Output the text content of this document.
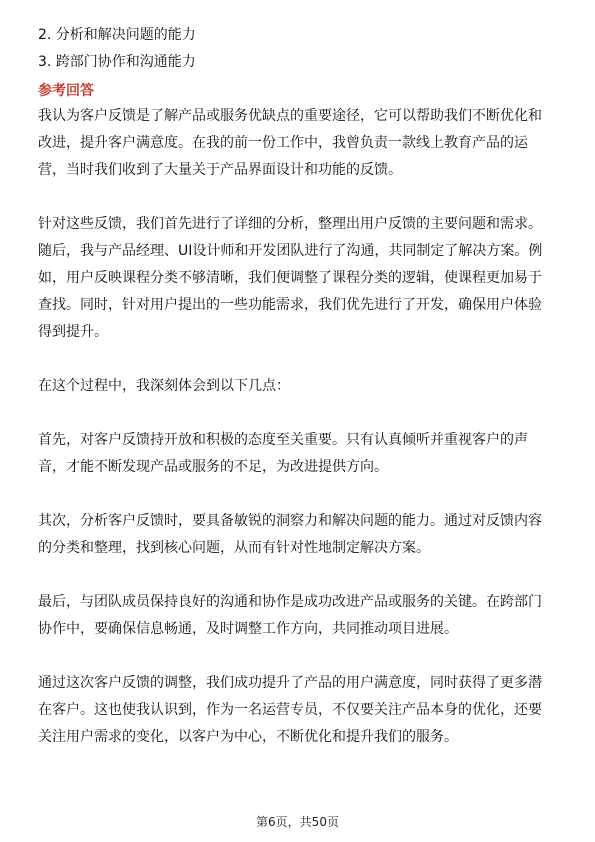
2. 分析和解决问题的能力
3. 跨部门协作和沟通能力
参考回答
我认为客户反馈是了解产品或服务优缺点的重要途径，它可以帮助我们不断优化和
改进，提升客户满意度。在我的前一份工作中，我曾负责一款线上教育产品的运
营，当时我们收到了大量关于产品界面设计和功能的反馈。
针对这些反馈，我们首先进行了详细的分析，整理出用户反馈的主要问题和需求。
随后，我与产品经理、UI设计师和开发团队进行了沟通，共同制定了解决方案。例
如，用户反映课程分类不够清晰，我们便调整了课程分类的逻辑，使课程更加易于
查找。同时，针对用户提出的一些功能需求，我们优先进行了开发，确保用户体验
得到提升。
在这个过程中，我深刻体会到以下几点：
首先，对客户反馈持开放和积极的态度至关重要。只有认真倾听并重视客户的声
音，才能不断发现产品或服务的不足，为改进提供方向。
其次，分析客户反馈时，要具备敏锐的洞察力和解决问题的能力。通过对反馈内容
的分类和整理，找到核心问题，从而有针对性地制定解决方案。
最后，与团队成员保持良好的沟通和协作是成功改进产品或服务的关键。在跨部门
协作中，要确保信息畅通，及时调整工作方向，共同推动项目进展。
通过这次客户反馈的调整，我们成功提升了产品的用户满意度，同时获得了更多潜
在客户。这也使我认识到，作为一名运营专员，不仅要关注产品本身的优化，还要
关注用户需求的变化，以客户为中心，不断优化和提升我们的服务。
第6页，共50页
